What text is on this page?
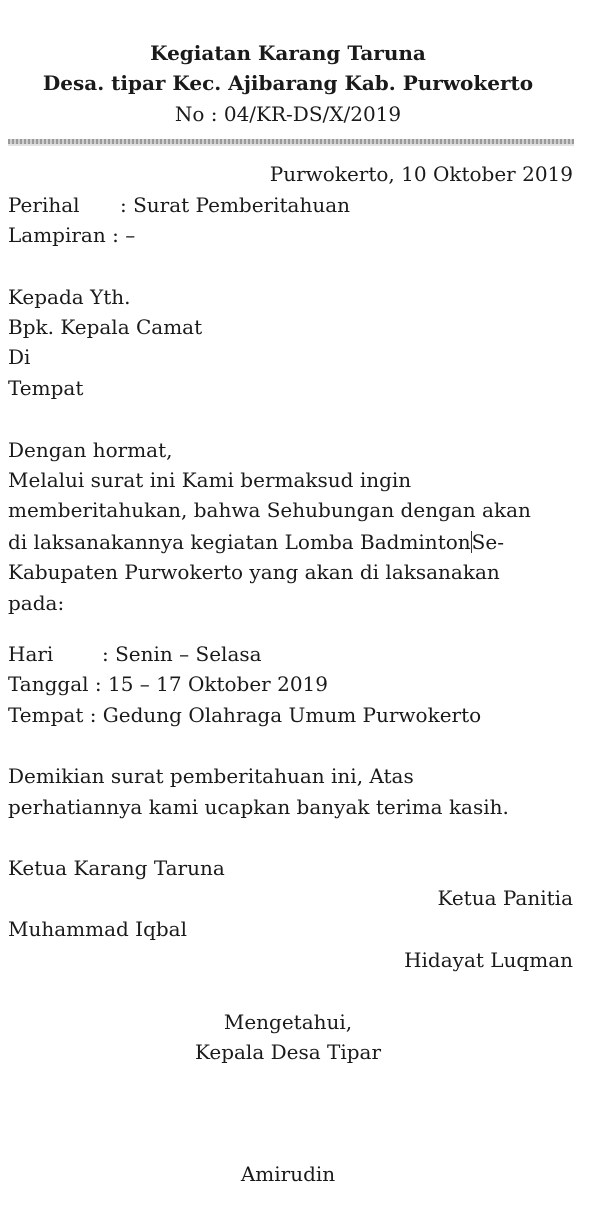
Kegiatan Karang Taruna
Desa. tipar Kec. Ajibarang Kab. Purwokerto
No : 04/KR-DS/X/2019
Purwokerto, 10 Oktober 2019
Perihal : Surat Pemberitahuan
Lampiran : –
Kepada Yth.
Bpk. Kepala Camat
Di
Tempat
Dengan hormat,
Melalui surat ini Kami bermaksud ingin
memberitahukan, bahwa Sehubungan dengan akan
di laksanakannya kegiatan Lomba BadmintonSe-
Kabupaten Purwokerto yang akan di laksanakan
pada:
Hari : Senin – Selasa
Tanggal : 15 – 17 Oktober 2019
Tempat : Gedung Olahraga Umum Purwokerto
Demikian surat pemberitahuan ini, Atas
perhatiannya kami ucapkan banyak terima kasih.
Ketua Karang Taruna
Ketua Panitia
Muhammad Iqbal
Hidayat Luqman
Mengetahui,
Kepala Desa Tipar
Amirudin
